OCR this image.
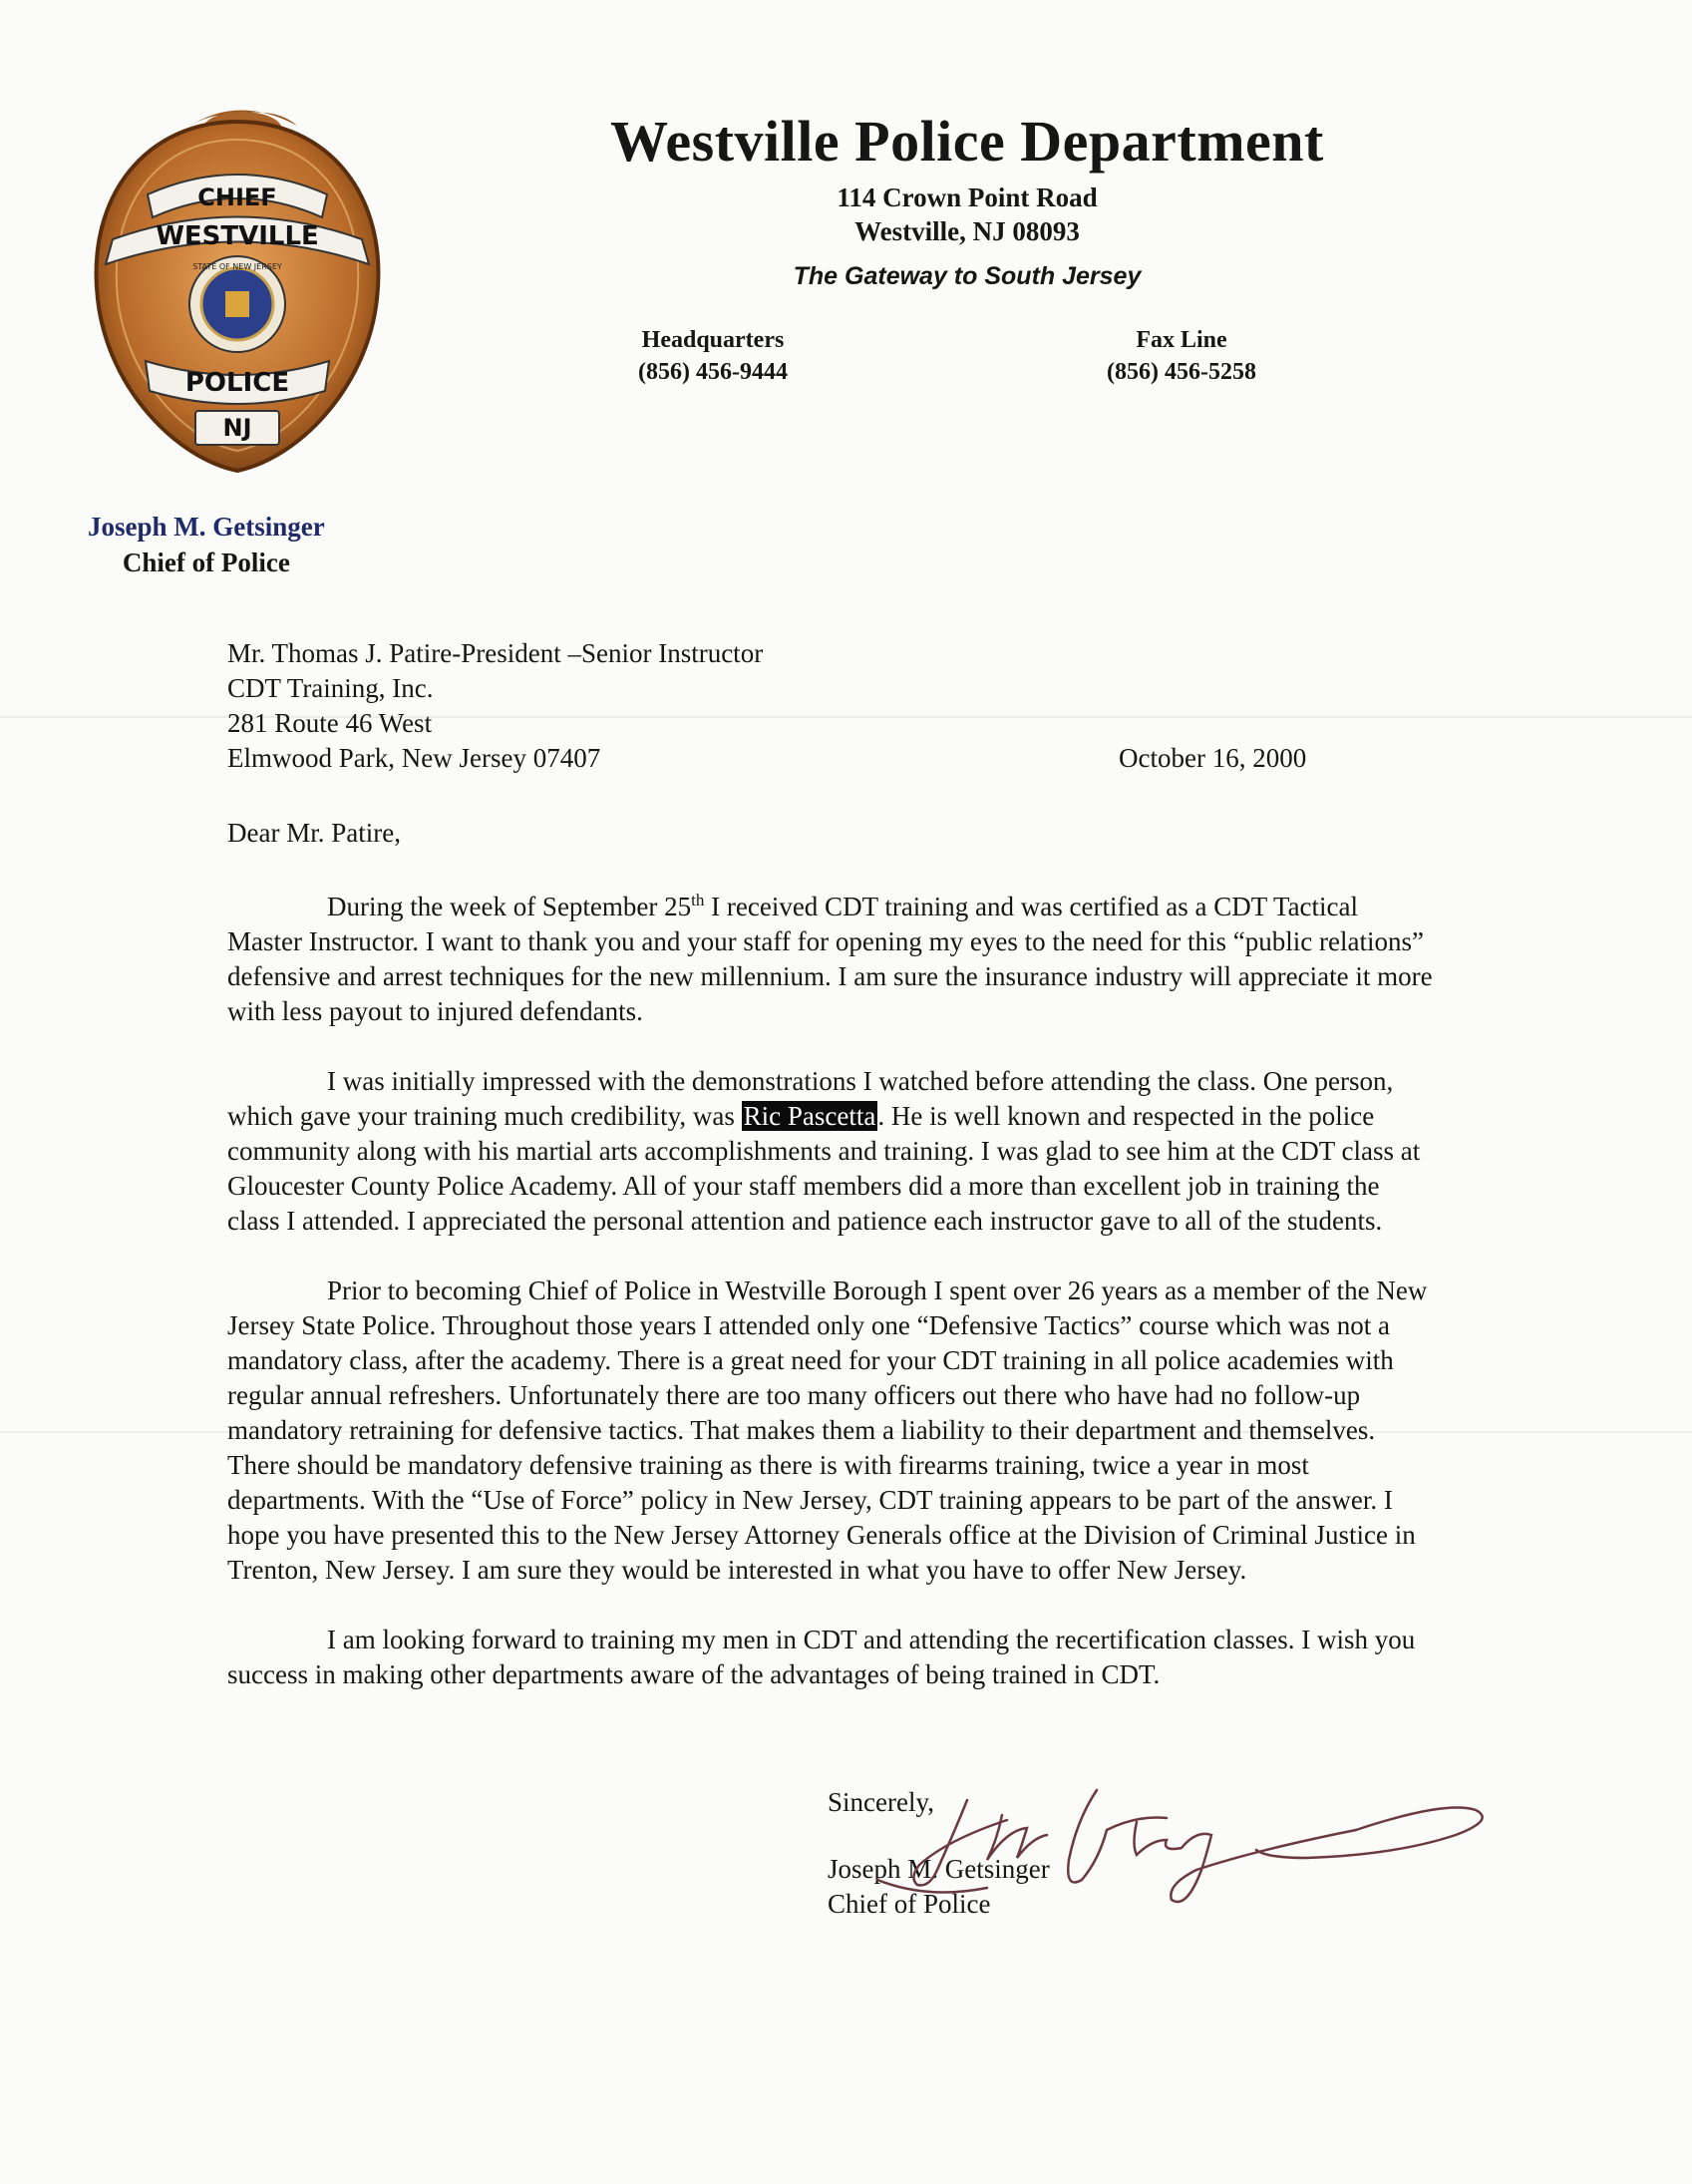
CHIEF
WESTVILLE
STATE OF NEW JERSEY
POLICE
NJ
Westville Police Department
114 Crown Point Road
Westville, NJ 08093
The Gateway to South Jersey
Headquarters
(856) 456-9444
Fax Line
(856) 456-5258
Joseph M. Getsinger
Chief of Police
Mr. Thomas J. Patire-President –Senior Instructor
CDT Training, Inc.
281 Route 46 West
Elmwood Park, New Jersey 07407	October 16, 2000
Dear Mr. Patire,

During the week of September 25th I received CDT training and was certified as a CDT Tactical Master Instructor. I want to thank you and your staff for opening my eyes to the need for this “public relations” defensive and arrest techniques for the new millennium. I am sure the insurance industry will appreciate it more with less payout to injured defendants.

I was initially impressed with the demonstrations I watched before attending the class. One person, which gave your training much credibility, was Ric Pascetta. He is well known and respected in the police community along with his martial arts accomplishments and training. I was glad to see him at the CDT class at Gloucester County Police Academy. All of your staff members did a more than excellent job in training the class I attended. I appreciated the personal attention and patience each instructor gave to all of the students.

Prior to becoming Chief of Police in Westville Borough I spent over 26 years as a member of the New Jersey State Police. Throughout those years I attended only one “Defensive Tactics” course which was not a mandatory class, after the academy. There is a great need for your CDT training in all police academies with regular annual refreshers. Unfortunately there are too many officers out there who have had no follow-up mandatory retraining for defensive tactics. That makes them a liability to their department and themselves. There should be mandatory defensive training as there is with firearms training, twice a year in most departments. With the “Use of Force” policy in New Jersey, CDT training appears to be part of the answer. I hope you have presented this to the New Jersey Attorney Generals office at the Division of Criminal Justice in Trenton, New Jersey. I am sure they would be interested in what you have to offer New Jersey.

I am looking forward to training my men in CDT and attending the recertification classes. I wish you success in making other departments aware of the advantages of being trained in CDT.

Sincerely,
Joseph M. Getsinger
Chief of Police
